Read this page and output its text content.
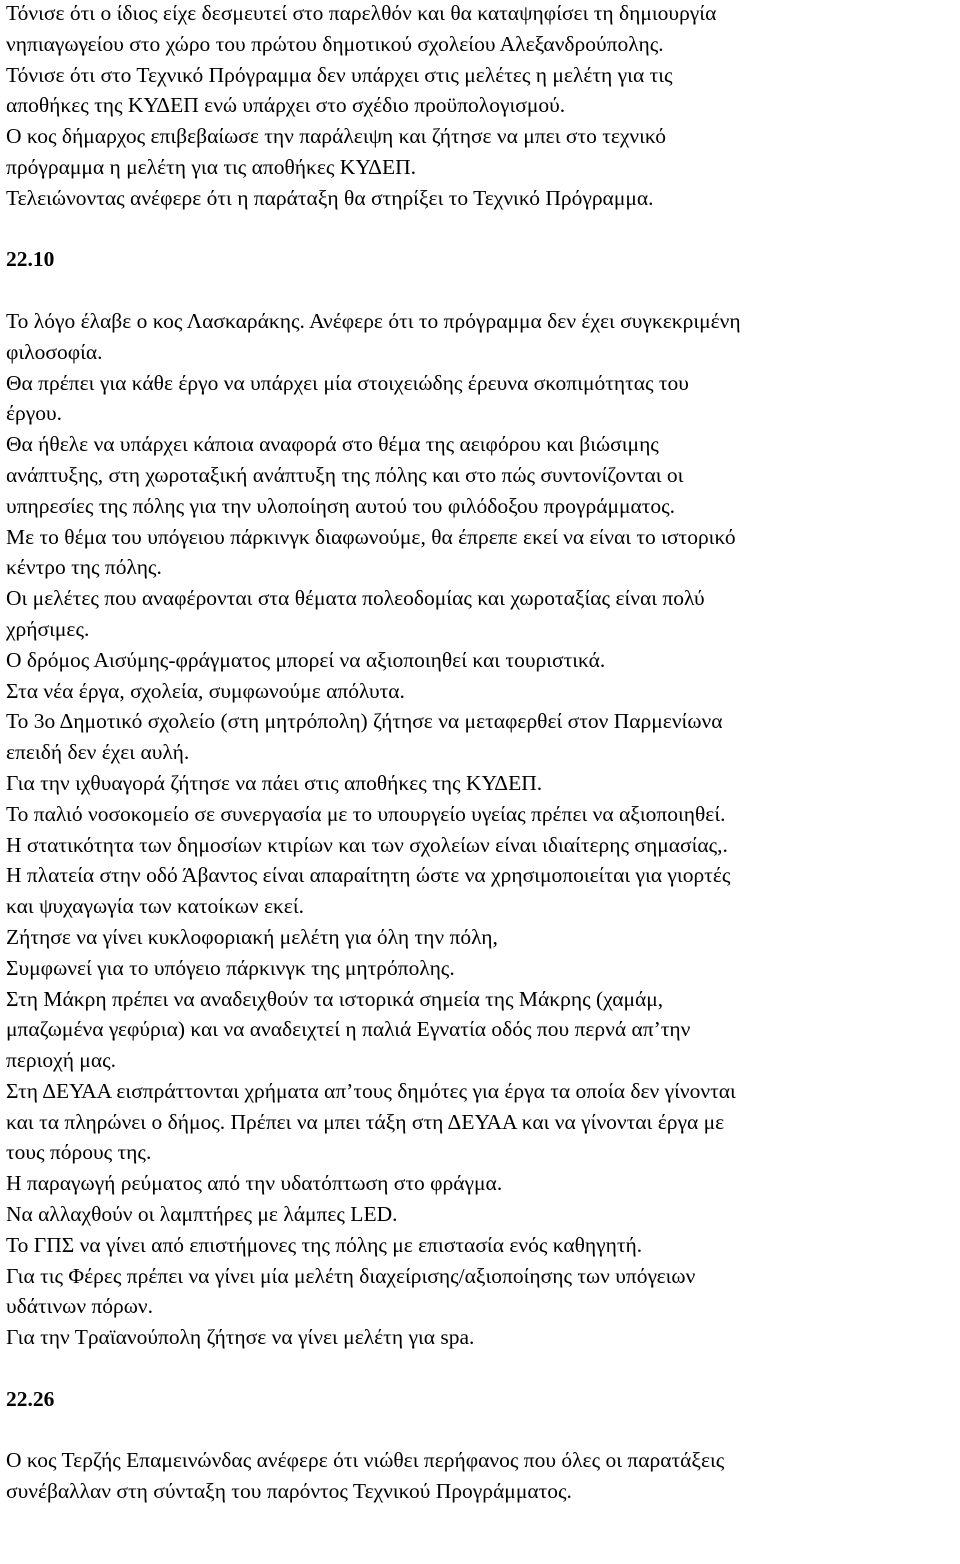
Τόνισε ότι ο ίδιος είχε δεσμευτεί στο παρελθόν και θα καταψηφίσει τη δημιουργία

νηπιαγωγείου στο χώρο του πρώτου δημοτικού σχολείου Αλεξανδρούπολης.

Τόνισε ότι στο Τεχνικό Πρόγραμμα δεν υπάρχει στις μελέτες η μελέτη για τις

αποθήκες της ΚΥΔΕΠ ενώ υπάρχει στο σχέδιο προϋπολογισμού.

Ο κος δήμαρχος επιβεβαίωσε την παράλειψη και ζήτησε να μπει στο τεχνικό

πρόγραμμα η μελέτη για τις αποθήκες ΚΥΔΕΠ.

Τελειώνοντας ανέφερε ότι η παράταξη θα στηρίξει το Τεχνικό Πρόγραμμα.

22.10

Το λόγο έλαβε ο κος Λασκαράκης. Ανέφερε ότι το πρόγραμμα δεν έχει συγκεκριμένη

φιλοσοφία.

Θα πρέπει για κάθε έργο να υπάρχει μία στοιχειώδης έρευνα σκοπιμότητας του

έργου.

Θα ήθελε να υπάρχει κάποια αναφορά στο θέμα της αειφόρου και βιώσιμης

ανάπτυξης, στη χωροταξική ανάπτυξη της πόλης και στο πώς συντονίζονται οι

υπηρεσίες της πόλης για την υλοποίηση αυτού του φιλόδοξου προγράμματος.

Με το θέμα του υπόγειου πάρκινγκ διαφωνούμε, θα έπρεπε εκεί να είναι το ιστορικό

κέντρο της πόλης.

Οι μελέτες που αναφέρονται στα θέματα πολεοδομίας και χωροταξίας είναι πολύ

χρήσιμες.

Ο δρόμος Αισύμης-φράγματος μπορεί να αξιοποιηθεί και τουριστικά.

Στα νέα έργα, σχολεία, συμφωνούμε απόλυτα.

Το 3ο Δημοτικό σχολείο (στη μητρόπολη) ζήτησε να μεταφερθεί στον Παρμενίωνα

επειδή δεν έχει αυλή.

Για την ιχθυαγορά ζήτησε να πάει στις αποθήκες της ΚΥΔΕΠ.

Το παλιό νοσοκομείο σε συνεργασία με το υπουργείο υγείας πρέπει να αξιοποιηθεί.

Η στατικότητα των δημοσίων κτιρίων και των σχολείων είναι ιδιαίτερης σημασίας,.

Η πλατεία στην οδό Άβαντος είναι απαραίτητη ώστε να χρησιμοποιείται για γιορτές

και ψυχαγωγία των κατοίκων εκεί.

Ζήτησε να γίνει κυκλοφοριακή μελέτη για όλη την πόλη,

Συμφωνεί για το υπόγειο πάρκινγκ της μητρόπολης.

Στη Μάκρη πρέπει να αναδειχθούν τα ιστορικά σημεία της Μάκρης (χαμάμ,

μπαζωμένα γεφύρια) και να αναδειχτεί η παλιά Εγνατία οδός που περνά απ’την

περιοχή μας.

Στη ΔΕΥΑΑ εισπράττονται χρήματα απ’τους δημότες για έργα τα οποία δεν γίνονται

και τα πληρώνει ο δήμος. Πρέπει να μπει τάξη στη ΔΕΥΑΑ και να γίνονται έργα με

τους πόρους της.

Η παραγωγή ρεύματος από την υδατόπτωση στο φράγμα.

Να αλλαχθούν οι λαμπτήρες με λάμπες LED.

Το ΓΠΣ να γίνει από επιστήμονες της πόλης με επιστασία ενός καθηγητή.

Για τις Φέρες πρέπει να γίνει μία μελέτη διαχείρισης/αξιοποίησης των υπόγειων

υδάτινων πόρων.

Για την Τραϊανούπολη ζήτησε να γίνει μελέτη για spa.

22.26

Ο κος Τερζής Επαμεινώνδας ανέφερε ότι νιώθει περήφανος που όλες οι παρατάξεις

συνέβαλλαν στη σύνταξη του παρόντος Τεχνικού Προγράμματος.
